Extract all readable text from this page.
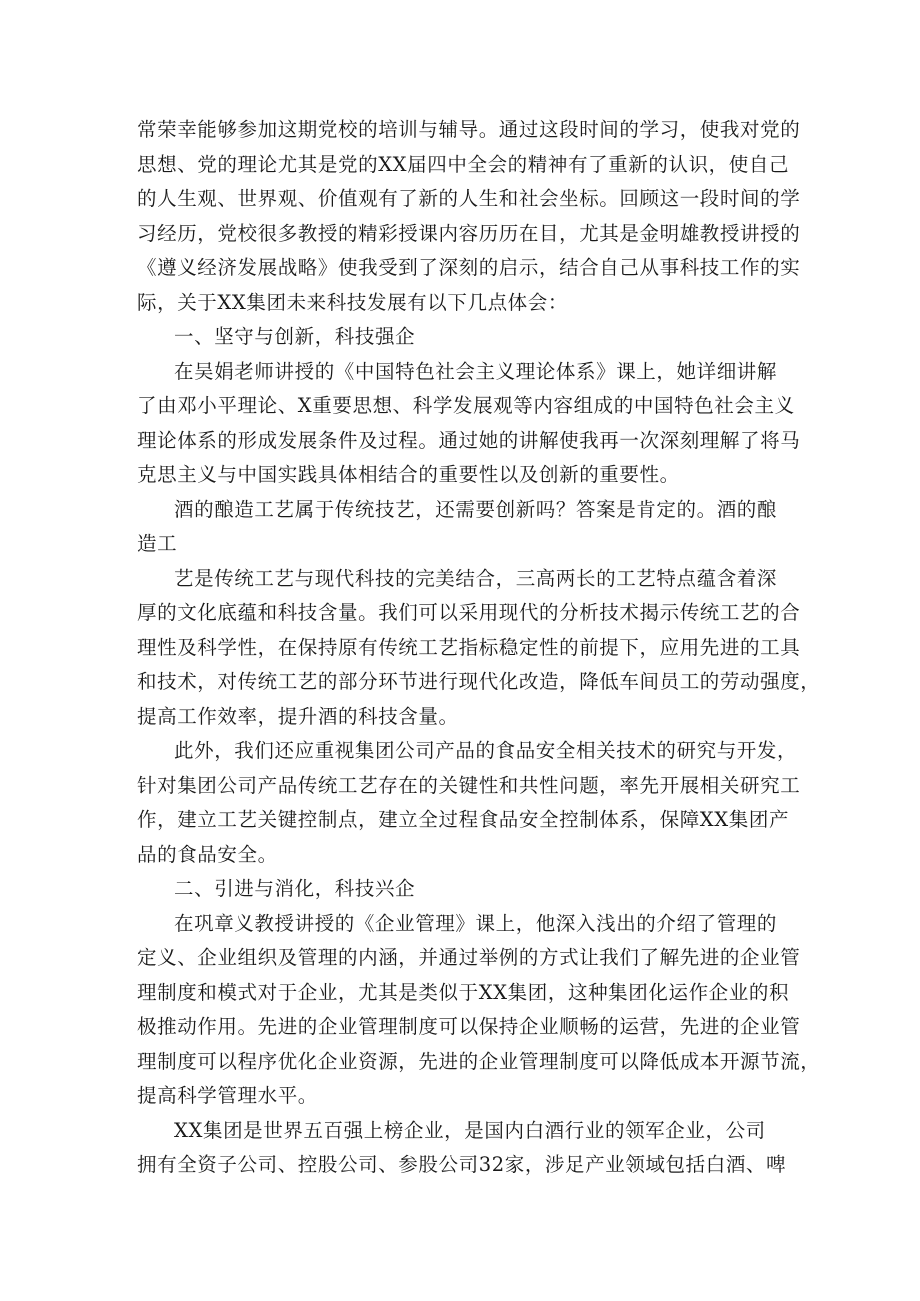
常荣幸能够参加这期党校的培训与辅导。通过这段时间的学习，使我对党的
思想、党的理论尤其是党的XX届四中全会的精神有了重新的认识，使自己
的人生观、世界观、价值观有了新的人生和社会坐标。回顾这一段时间的学
习经历，党校很多教授的精彩授课内容历历在目，尤其是金明雄教授讲授的
《遵义经济发展战略》使我受到了深刻的启示，结合自己从事科技工作的实
际，关于XX集团未来科技发展有以下几点体会：
一、坚守与创新，科技强企
在吴娟老师讲授的《中国特色社会主义理论体系》课上，她详细讲解
了由邓小平理论、X重要思想、科学发展观等内容组成的中国特色社会主义
理论体系的形成发展条件及过程。通过她的讲解使我再一次深刻理解了将马
克思主义与中国实践具体相结合的重要性以及创新的重要性。
酒的酿造工艺属于传统技艺，还需要创新吗？答案是肯定的。酒的酿
造工
艺是传统工艺与现代科技的完美结合，三高两长的工艺特点蕴含着深
厚的文化底蕴和科技含量。我们可以采用现代的分析技术揭示传统工艺的合
理性及科学性，在保持原有传统工艺指标稳定性的前提下，应用先进的工具
和技术，对传统工艺的部分环节进行现代化改造，降低车间员工的劳动强度，
提高工作效率，提升酒的科技含量。
此外，我们还应重视集团公司产品的食品安全相关技术的研究与开发，
针对集团公司产品传统工艺存在的关键性和共性问题，率先开展相关研究工
作，建立工艺关键控制点，建立全过程食品安全控制体系，保障XX集团产
品的食品安全。
二、引进与消化，科技兴企
在巩章义教授讲授的《企业管理》课上，他深入浅出的介绍了管理的
定义、企业组织及管理的内涵，并通过举例的方式让我们了解先进的企业管
理制度和模式对于企业，尤其是类似于XX集团，这种集团化运作企业的积
极推动作用。先进的企业管理制度可以保持企业顺畅的运营，先进的企业管
理制度可以程序优化企业资源，先进的企业管理制度可以降低成本开源节流，
提高科学管理水平。
XX集团是世界五百强上榜企业，是国内白酒行业的领军企业，公司
拥有全资子公司、控股公司、参股公司32家，涉足产业领域包括白酒、啤
